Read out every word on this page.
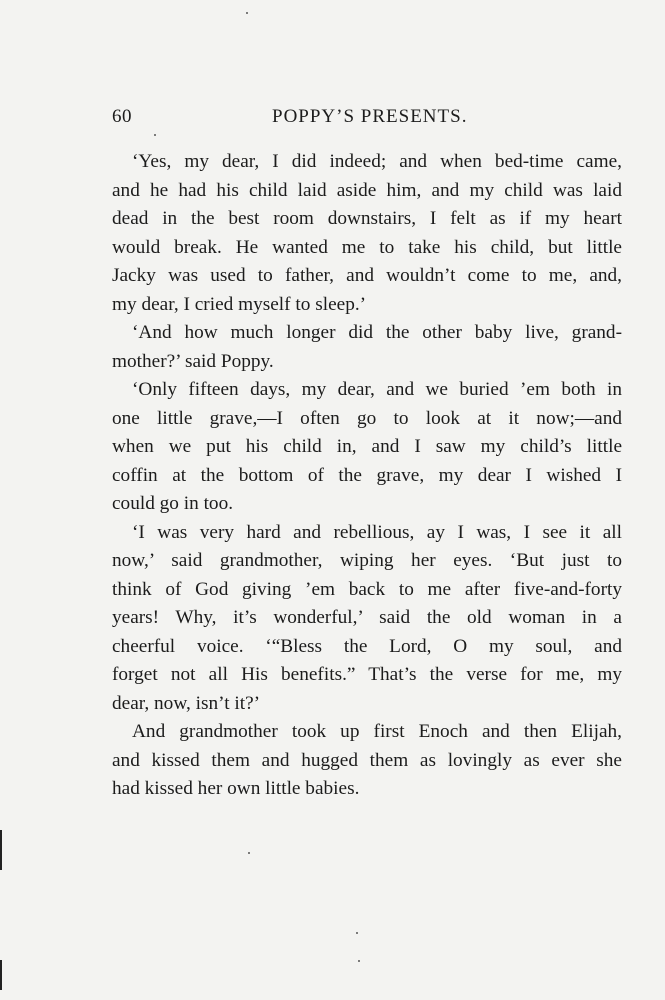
60	POPPY’S PRESENTS.
‘Yes, my dear, I did indeed; and when bed-time came,
and he had his child laid aside him, and my child was laid
dead in the best room downstairs, I felt as if my heart
would break. He wanted me to take his child, but little
Jacky was used to father, and wouldn’t come to me, and,
my dear, I cried myself to sleep.’
‘And how much longer did the other baby live, grand-
mother?’ said Poppy.
‘Only fifteen days, my dear, and we buried ’em both in
one little grave,—I often go to look at it now;—and
when we put his child in, and I saw my child’s little
coffin at the bottom of the grave, my dear I wished I
could go in too.
‘I was very hard and rebellious, ay I was, I see it all
now,’ said grandmother, wiping her eyes. ‘But just to
think of God giving ’em back to me after five-and-forty
years! Why, it’s wonderful,’ said the old woman in a
cheerful voice. ‘“Bless the Lord, O my soul, and
forget not all His benefits.” That’s the verse for me, my
dear, now, isn’t it?’
And grandmother took up first Enoch and then Elijah,
and kissed them and hugged them as lovingly as ever she
had kissed her own little babies.
